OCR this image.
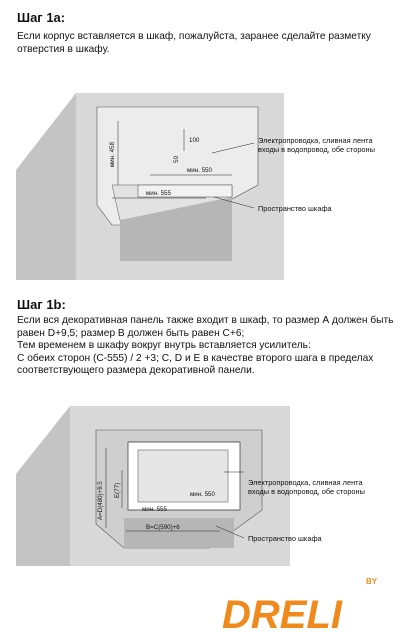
Шаг 1a:
Если корпус вставляется в шкаф, пожалуйста, заранее сделайте разметку
отверстия в шкафу.
мин. 458
мин. 555
мин. 550
100
50
Электропроводка, сливная лента
входы в водопровод, обе стороны
Пространство шкафа
Шаг 1b:
Если вся декоративная панель также входит в шкаф, то размер А должен быть
равен D+9,5; размер B должен быть равен C+6;
Тем временем в шкафу вокруг внутрь вставляется усилитель:
С обеих сторон (С-555) / 2 +3; C, D и E в качестве второго шага в пределах
соответствующего размера декоративной панели.
A=D(480)+9.5 E(77)
B=C(590)+6
мин. 555
мин. 550
Электропроводка, сливная лента
входы в водопровод, обе стороны
Пространство шкафа
BY
DRELI
